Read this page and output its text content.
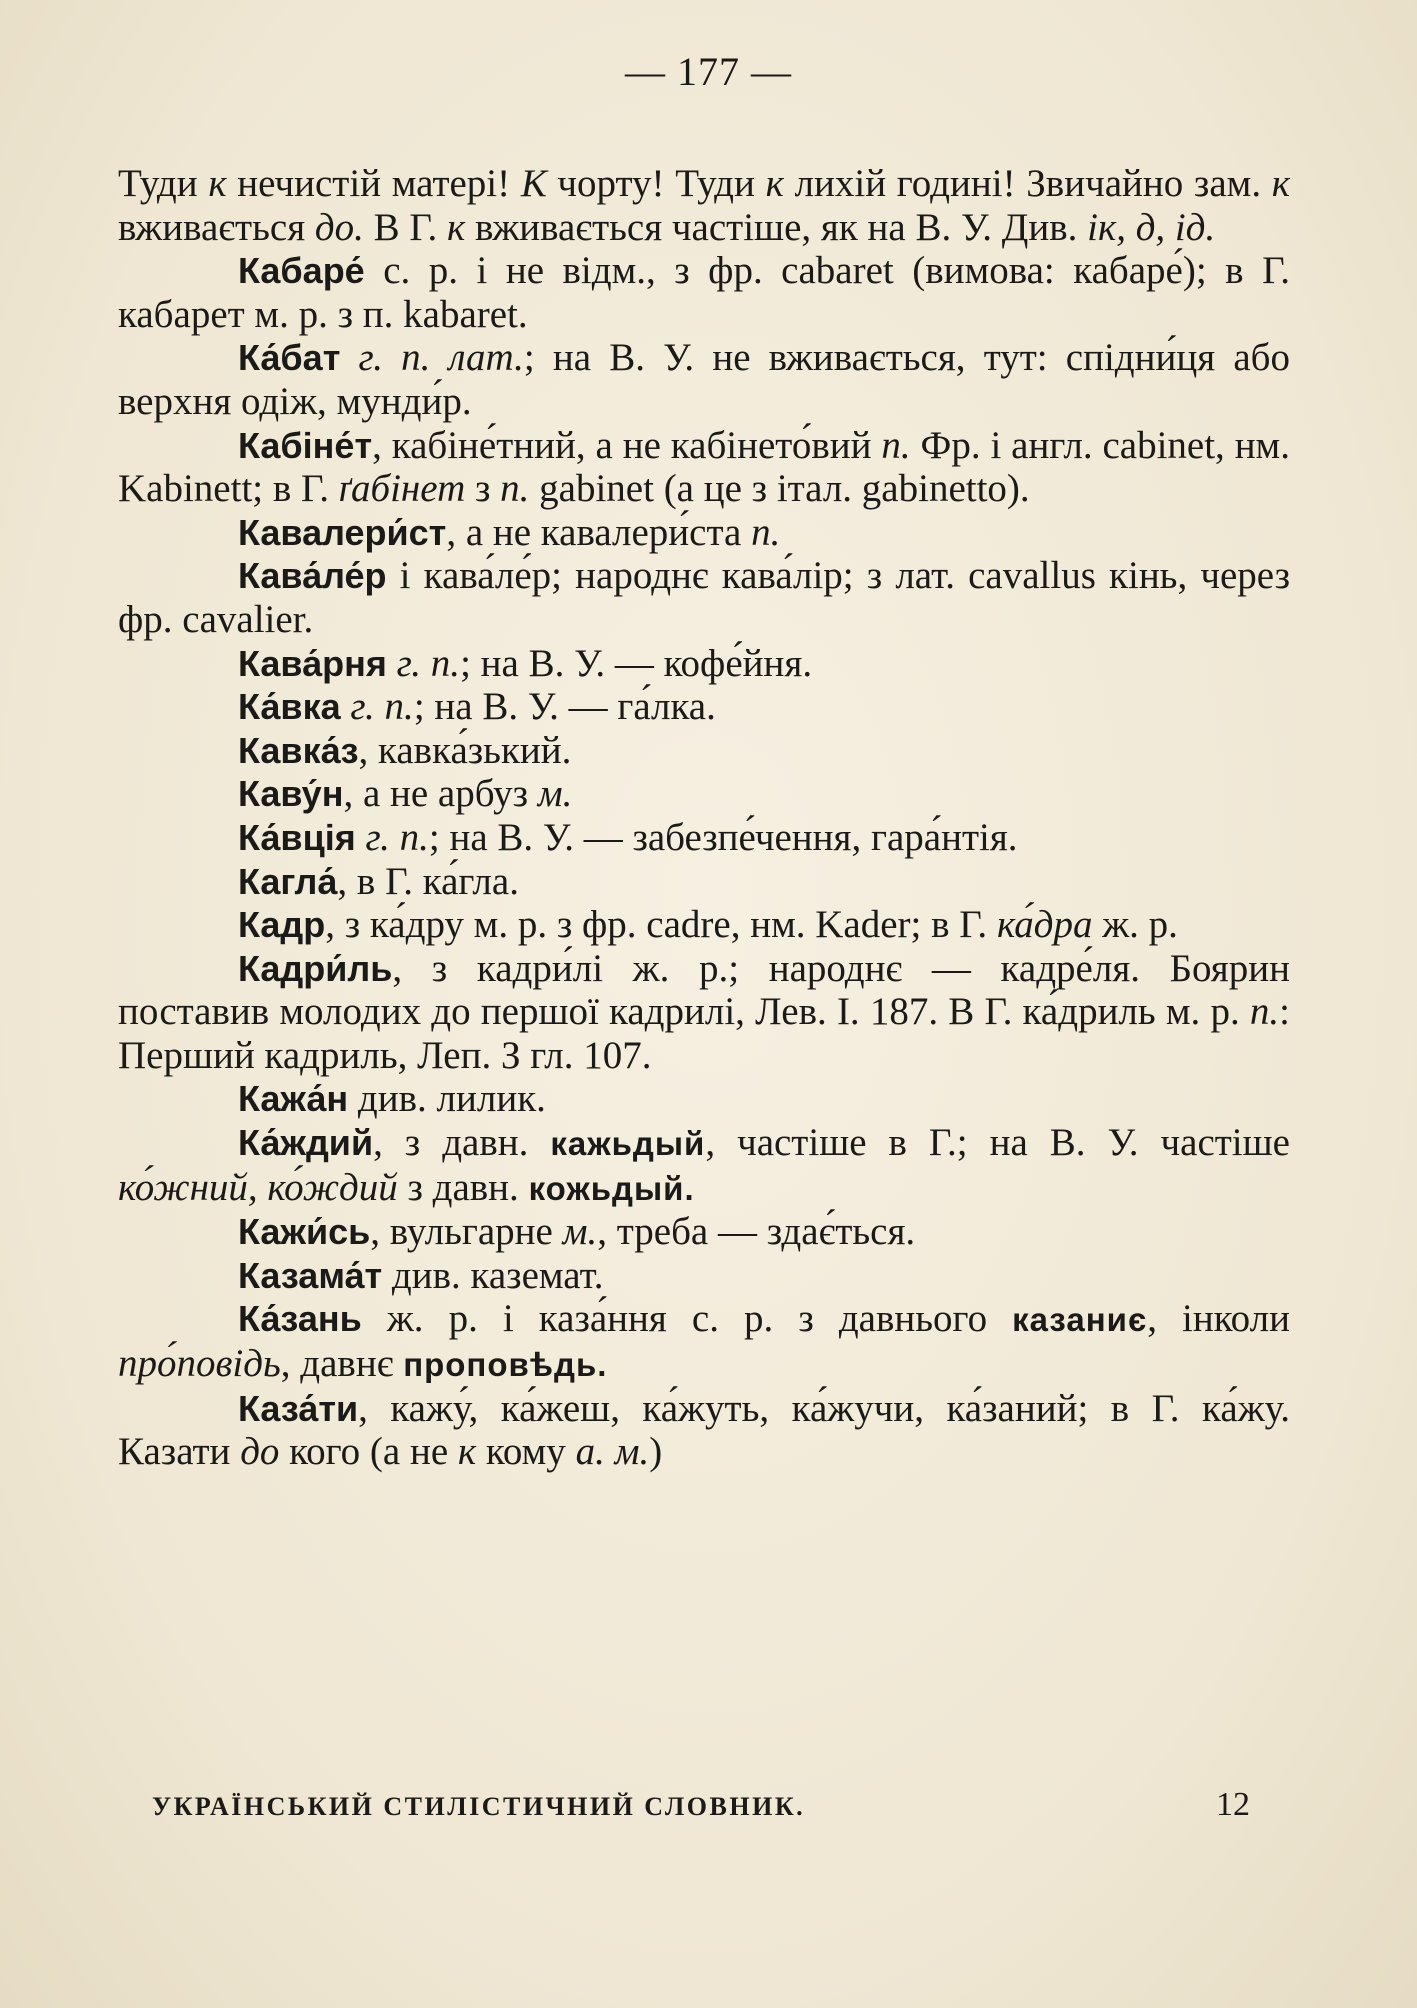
— 177 —

Туди к нечистій матері! К чорту! Туди к лихій годині! Звичайно зам. к вживається до. В Г. к вживається частіше, як на В. У. Див. ік, д, ід.

Кабаре́ с. р. і не відм., з фр. cabaret (вимова: кабаре́); в Г. кабарет м. р. з п. kabaret.

Ка́бат г. п. лат.; на В. У. не вживається, тут: спідни́ця або верхня одіж, мунди́р.

Кабіне́т, кабіне́тний, а не кабінето́вий п. Фр. і англ. cabinet, нм. Kabinett; в Г. ґабінет з п. gabinet (а це з італ. gabinetto).

Кавалери́ст, а не кавалери́ста п.

Кава́ле́р і кава́ле́р; народнє кава́лір; з лат. cavallus кінь, через фр. cavalier.

Кава́рня г. п.; на В. У. — кофе́йня.

Ка́вка г. п.; на В. У. — га́лка.

Кавка́з, кавка́зький.

Каву́н, а не арбуз м.

Ка́вція г. п.; на В. У. — забезпе́чення, гара́нтія.

Кагла́, в Г. ка́гла.

Кадр, з ка́дру м. р. з фр. cadre, нм. Kader; в Г. ка́дра ж. р.

Кадри́ль, з кадри́лі ж. р.; народнє — кадре́ля. Боярин поставив молодих до першої кадрилі, Лев. І. 187. В Г. ка́дриль м. р. п.: Перший кадриль, Леп. З гл. 107.

Кажа́н див. лилик.

Ка́ждий, з давн. кажьдый, частіше в Г.; на В. У. частіше ко́жний, ко́ждий з давн. кожьдый.

Кажи́сь, вульгарне м., треба — здає́ться.

Казама́т див. каземат.

Ка́зань ж. р. і каза́ння с. р. з давнього казаниє, інколи про́повідь, давнє проповѣдь.

Каза́ти, кажу́, ка́жеш, ка́жуть, ка́жучи, ка́заний; в Г. ка́жу. Казати до кого (а не к кому а. м.)

УКРАЇНСЬКИЙ СТИЛІСТИЧНИЙ СЛОВНИК.	12
